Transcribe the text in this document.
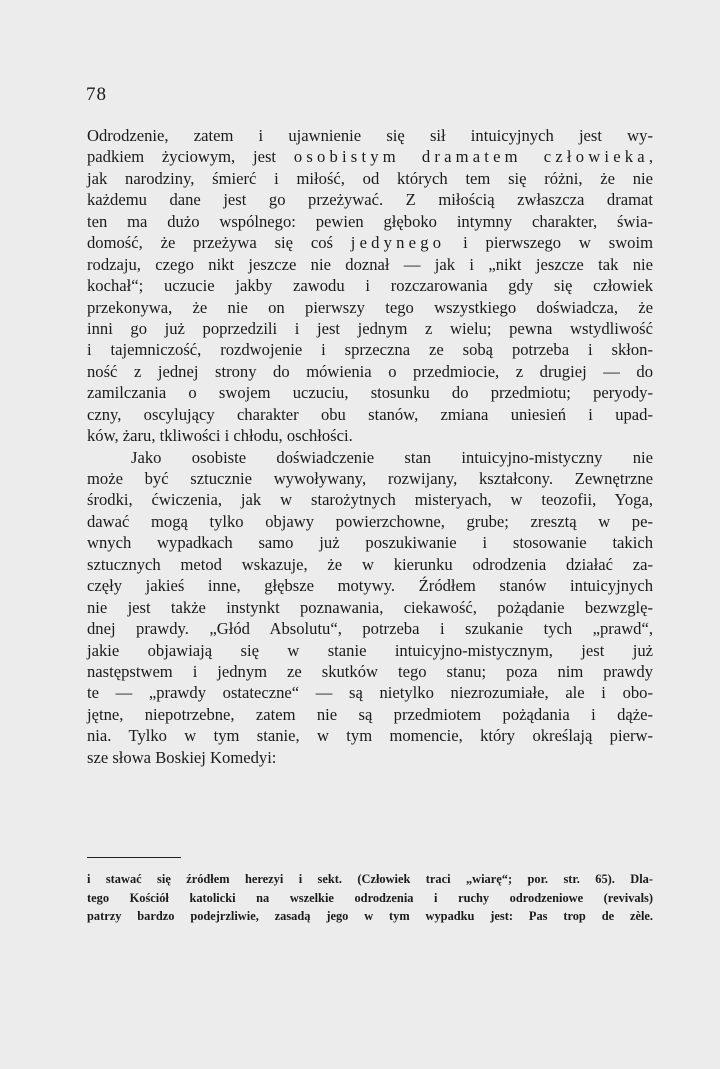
78
Odrodzenie, zatem i ujawnienie się sił intuicyjnych jest wy-
padkiem życiowym, jest osobistym dramatem człowieka,
jak narodziny, śmierć i miłość, od których tem się różni, że nie
każdemu dane jest go przeżywać. Z miłością zwłaszcza dramat
ten ma dużo wspólnego: pewien głęboko intymny charakter, świa-
domość, że przeżywa się coś jedynego i pierwszego w swoim
rodzaju, czego nikt jeszcze nie doznał — jak i „nikt jeszcze tak nie
kochał“; uczucie jakby zawodu i rozczarowania gdy się człowiek
przekonywa, że nie on pierwszy tego wszystkiego doświadcza, że
inni go już poprzedzili i jest jednym z wielu; pewna wstydliwość
i tajemniczość, rozdwojenie i sprzeczna ze sobą potrzeba i skłon-
ność z jednej strony do mówienia o przedmiocie, z drugiej — do
zamilczania o swojem uczuciu, stosunku do przedmiotu; peryody-
czny, oscylujący charakter obu stanów, zmiana uniesień i upad-
ków, żaru, tkliwości i chłodu, oschłości.
Jako osobiste doświadczenie stan intuicyjno-mistyczny nie
może być sztucznie wywoływany, rozwijany, kształcony. Zewnętrzne
środki, ćwiczenia, jak w starożytnych misteryach, w teozofii, Yoga,
dawać mogą tylko objawy powierzchowne, grube; zresztą w pe-
wnych wypadkach samo już poszukiwanie i stosowanie takich
sztucznych metod wskazuje, że w kierunku odrodzenia działać za-
częły jakieś inne, głębsze motywy. Źródłem stanów intuicyjnych
nie jest także instynkt poznawania, ciekawość, pożądanie bezwzglę-
dnej prawdy. „Głód Absolutu“, potrzeba i szukanie tych „prawd“,
jakie objawiają się w stanie intuicyjno-mistycznym, jest już
następstwem i jednym ze skutków tego stanu; poza nim prawdy
te — „prawdy ostateczne“ — są nietylko niezrozumiałe, ale i obo-
jętne, niepotrzebne, zatem nie są przedmiotem pożądania i dąże-
nia. Tylko w tym stanie, w tym momencie, który określają pierw-
sze słowa Boskiej Komedyi:
i stawać się źródłem herezyi i sekt. (Człowiek traci „wiarę“; por. str. 65). Dla-
tego Kościół katolicki na wszelkie odrodzenia i ruchy odrodzeniowe (revivals)
patrzy bardzo podejrzliwie, zasadą jego w tym wypadku jest: Pas trop de zèle.
